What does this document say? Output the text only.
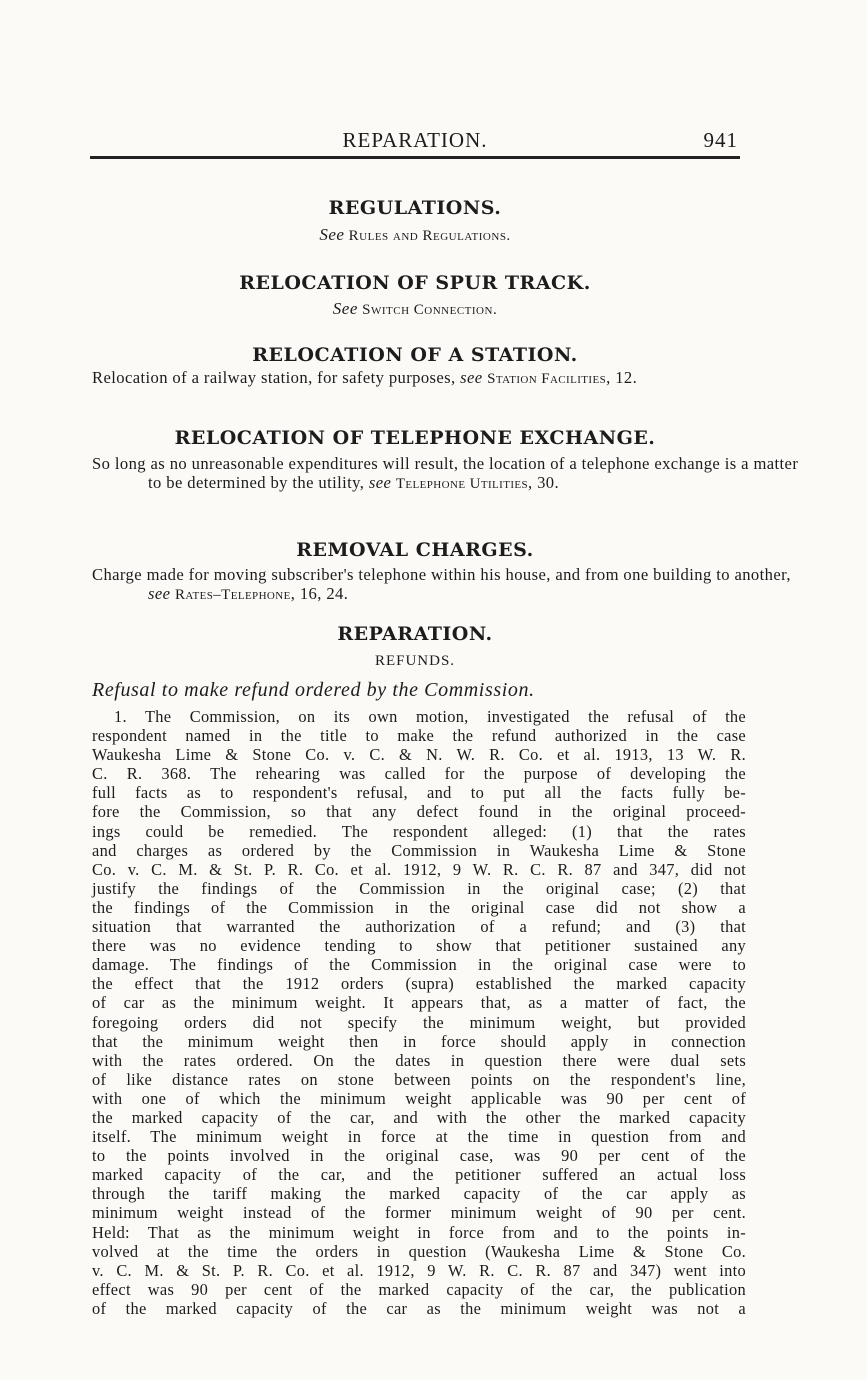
REPARATION.	941
REGULATIONS.
See Rules and Regulations.
RELOCATION OF SPUR TRACK.
See Switch Connection.
RELOCATION OF A STATION.
Relocation of a railway station, for safety purposes, see Station Facilities, 12.
RELOCATION OF TELEPHONE EXCHANGE.
So long as no unreasonable expenditures will result, the location of a telephone exchange is a matter to be determined by the utility, see Telephone Utilities, 30.
REMOVAL CHARGES.
Charge made for moving subscriber's telephone within his house, and from one building to another, see Rates–Telephone, 16, 24.
REPARATION.
REFUNDS.
Refusal to make refund ordered by the Commission.
1. The Commission, on its own motion, investigated the refusal of the
respondent named in the title to make the refund authorized in the case
Waukesha Lime & Stone Co. v. C. & N. W. R. Co. et al. 1913, 13 W. R.
C. R. 368. The rehearing was called for the purpose of developing the
full facts as to respondent's refusal, and to put all the facts fully be-
fore the Commission, so that any defect found in the original proceed-
ings could be remedied. The respondent alleged: (1) that the rates
and charges as ordered by the Commission in Waukesha Lime & Stone
Co. v. C. M. & St. P. R. Co. et al. 1912, 9 W. R. C. R. 87 and 347, did not
justify the findings of the Commission in the original case; (2) that
the findings of the Commission in the original case did not show a
situation that warranted the authorization of a refund; and (3) that
there was no evidence tending to show that petitioner sustained any
damage. The findings of the Commission in the original case were to
the effect that the 1912 orders (supra) established the marked capacity
of car as the minimum weight. It appears that, as a matter of fact, the
foregoing orders did not specify the minimum weight, but provided
that the minimum weight then in force should apply in connection
with the rates ordered. On the dates in question there were dual sets
of like distance rates on stone between points on the respondent's line,
with one of which the minimum weight applicable was 90 per cent of
the marked capacity of the car, and with the other the marked capacity
itself. The minimum weight in force at the time in question from and
to the points involved in the original case, was 90 per cent of the
marked capacity of the car, and the petitioner suffered an actual loss
through the tariff making the marked capacity of the car apply as
minimum weight instead of the former minimum weight of 90 per cent.
Held: That as the minimum weight in force from and to the points in-
volved at the time the orders in question (Waukesha Lime & Stone Co.
v. C. M. & St. P. R. Co. et al. 1912, 9 W. R. C. R. 87 and 347) went into
effect was 90 per cent of the marked capacity of the car, the publication
of the marked capacity of the car as the minimum weight was not a
